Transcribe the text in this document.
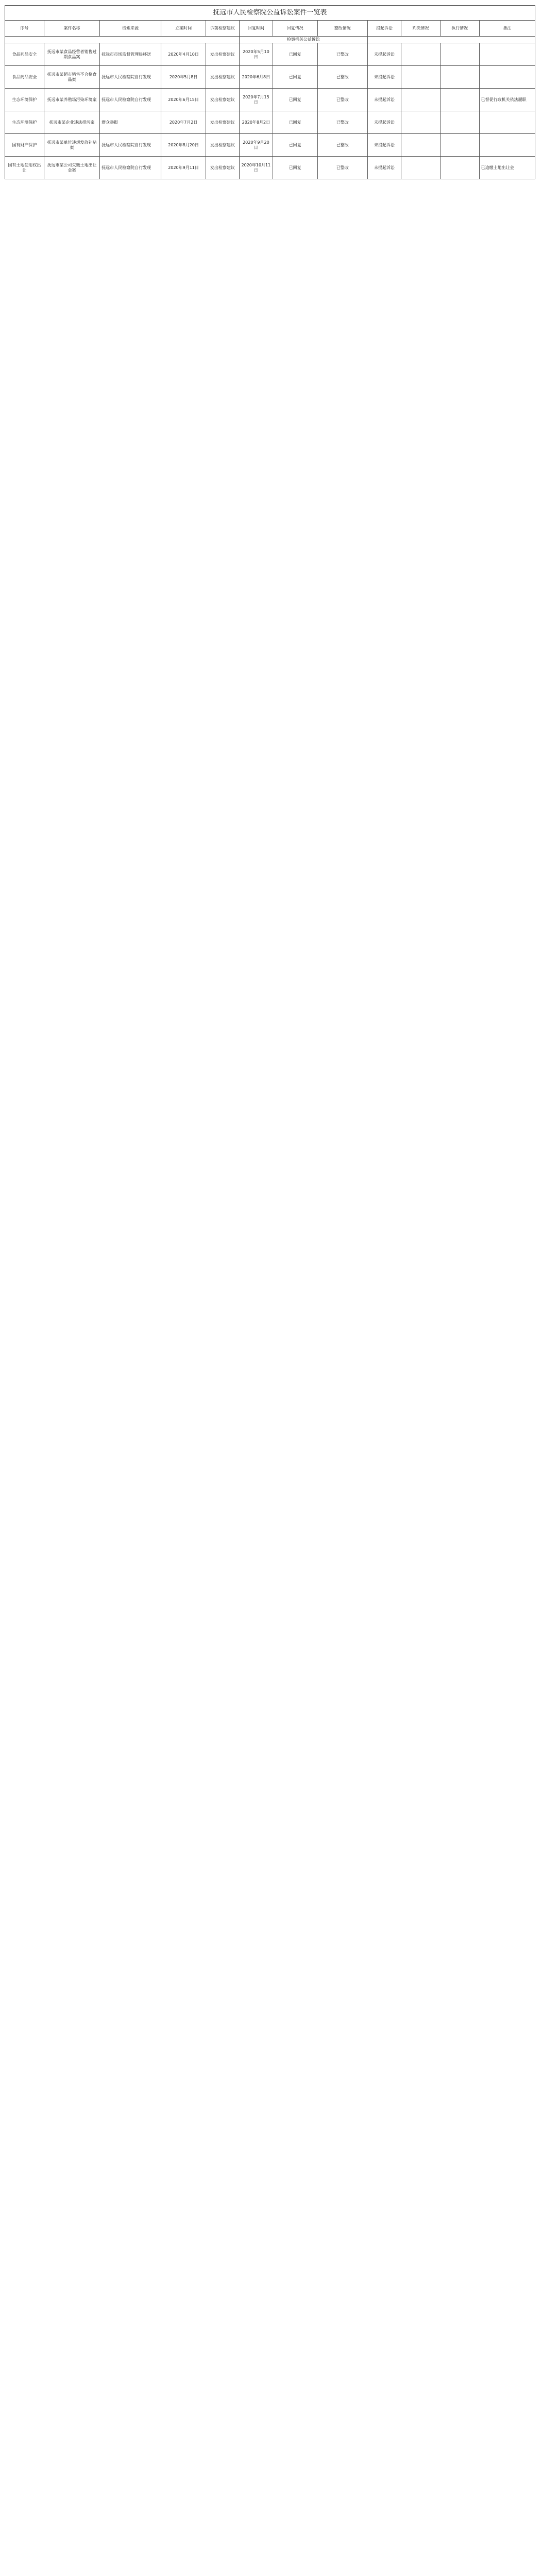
抚远市人民检察院公益诉讼案件一览表
序号	案件名称	线索来源	立案时间	诉前检察建议	回复时间	回复情况	整改情况	提起诉讼	判决情况	执行情况	备注
					检察机关公益诉讼						
食品药品安全	抚远市某食品经营者销售过期食品案	抚远市市场监督管理局移送	2020年4月10日	发出检察建议	2020年5月10日	已回复	已整改	未提起诉讼			
食品药品安全	抚远市某超市销售不合格食品案	抚远市人民检察院自行发现	2020年5月8日	发出检察建议	2020年6月8日	已回复	已整改	未提起诉讼			
生态环境保护	抚远市某养殖场污染环境案	抚远市人民检察院自行发现	2020年6月15日	发出检察建议	2020年7月15日	已回复	已整改	未提起诉讼			已督促行政机关依法履职
生态环境保护	抚远市某企业违法排污案	群众举报	2020年7月2日	发出检察建议	2020年8月2日	已回复	已整改	未提起诉讼			
国有财产保护	抚远市某单位违规发放补贴案	抚远市人民检察院自行发现	2020年8月20日	发出检察建议	2020年9月20日	已回复	已整改	未提起诉讼			
国有土地使用权出让	抚远市某公司欠缴土地出让金案	抚远市人民检察院自行发现	2020年9月11日	发出检察建议	2020年10月11日	已回复	已整改	未提起诉讼			已追缴土地出让金
